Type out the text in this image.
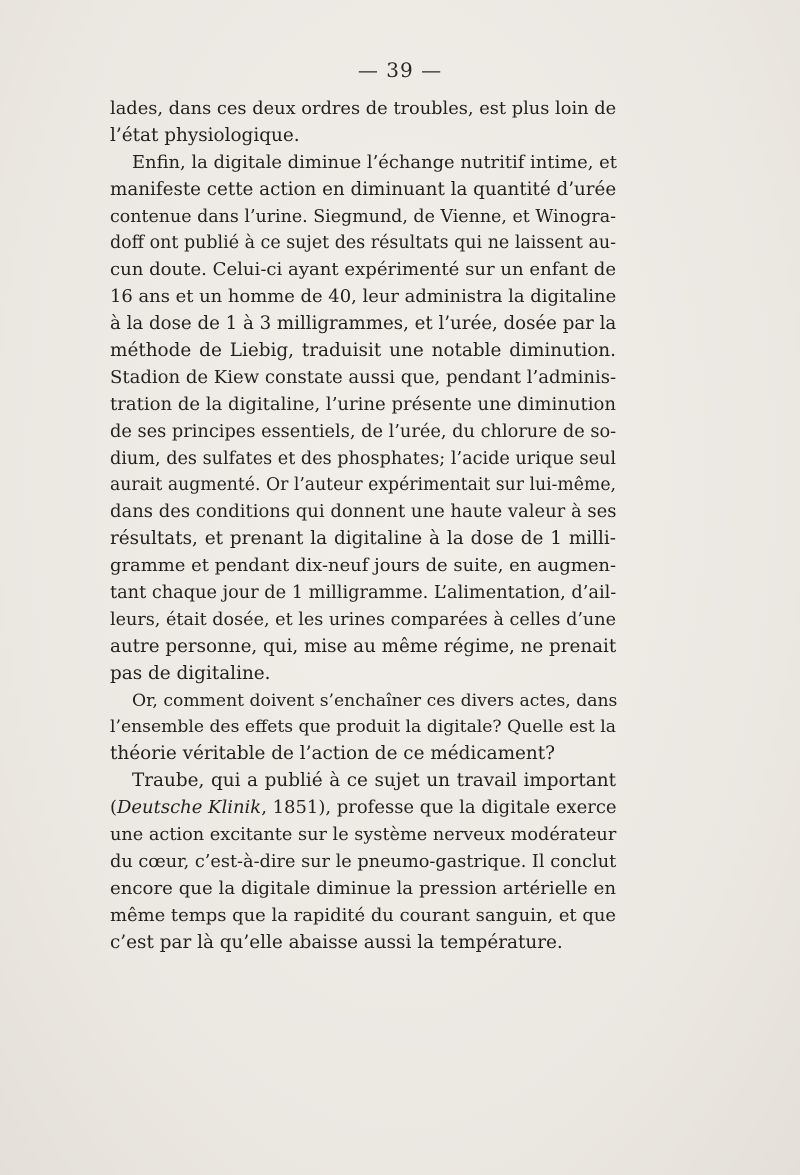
— 39 —
lades, dans ces deux ordres de troubles, est plus loin de
l’état physiologique.
Enfin, la digitale diminue l’échange nutritif intime, et
manifeste cette action en diminuant la quantité d’urée
contenue dans l’urine. Siegmund, de Vienne, et Winogra-
doff ont publié à ce sujet des résultats qui ne laissent au-
cun doute. Celui-ci ayant expérimenté sur un enfant de
16 ans et un homme de 40, leur administra la digitaline
à la dose de 1 à 3 milligrammes, et l’urée, dosée par la
méthode de Liebig, traduisit une notable diminution.
Stadion de Kiew constate aussi que, pendant l’adminis-
tration de la digitaline, l’urine présente une diminution
de ses principes essentiels, de l’urée, du chlorure de so-
dium, des sulfates et des phosphates; l’acide urique seul
aurait augmenté. Or l’auteur expérimentait sur lui-même,
dans des conditions qui donnent une haute valeur à ses
résultats, et prenant la digitaline à la dose de 1 milli-
gramme et pendant dix-neuf jours de suite, en augmen-
tant chaque jour de 1 milligramme. L’alimentation, d’ail-
leurs, était dosée, et les urines comparées à celles d’une
autre personne, qui, mise au même régime, ne prenait
pas de digitaline.
Or, comment doivent s’enchaîner ces divers actes, dans
l’ensemble des effets que produit la digitale? Quelle est la
théorie véritable de l’action de ce médicament?
Traube, qui a publié à ce sujet un travail important
(Deutsche Klinik, 1851), professe que la digitale exerce
une action excitante sur le système nerveux modérateur
du cœur, c’est-à-dire sur le pneumo-gastrique. Il conclut
encore que la digitale diminue la pression artérielle en
même temps que la rapidité du courant sanguin, et que
c’est par là qu’elle abaisse aussi la température.
